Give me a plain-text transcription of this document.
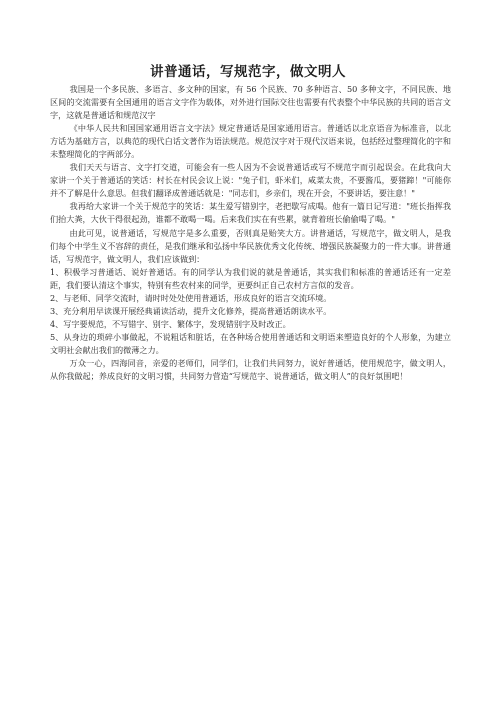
讲普通话，写规范字，做文明人

我国是一个多民族、多语言、多文种的国家，有 56 个民族、70 多种语言、50 多种文字，不同民族、地区间的交流需要有全国通用的语言文字作为载体，对外进行国际交往也需要有代表整个中华民族的共同的语言文字，这就是普通话和规范汉字

《中华人民共和国国家通用语言文字法》规定普通话是国家通用语言。普通话以北京语音为标准音，以北方话为基础方言，以典范的现代白话文著作为语法规范。规范汉字对于现代汉语来说，包括经过整理简化的字和未整理简化的字两部分。

我们天天与语言、文字打交道，可能会有一些人因为不会说普通话或写不规范字而引起误会。在此我向大家讲一个关于普通话的笑话：村长在村民会议上说："兔子们，虾米们，咸菜太贵，不要酱瓜，要猪蹄！"可能你并不了解是什么意思。但我们翻译成普通话就是："同志们，乡亲们，现在开会，不要讲话，要注意！"

我再给大家讲一个关于规范字的笑话：某生爱写错别字，老把歇写成喝。他有一篇日记写道："班长指挥我们抬大粪，大伙干得很起劲，谁都不敢喝一喝。后来我们实在有些累，就背着班长偷偷喝了喝。"

由此可见，说普通话，写规范字是多么重要，否则真是贻笑大方。讲普通话，写规范字，做文明人，是我们每个中学生义不容辞的责任，是我们继承和弘扬中华民族优秀文化传统、增强民族凝聚力的一件大事。讲普通话，写规范字，做文明人，我们应该做到：

1、积极学习普通话、说好普通话。有的同学认为我们说的就是普通话，其实我们和标准的普通话还有一定差距，我们要认清这个事实，特别有些农村来的同学，更要纠正自己农村方言似的发音。

2、与老师、同学交流时，请时时处处使用普通话，形成良好的语言交流环境。

3、充分利用早读课开展经典诵读活动，提升文化修养，提高普通话朗读水平。

4、写字要规范，不写错字、别字、繁体字，发现错别字及时改正。

5、从身边的琐碎小事做起，不说粗话和脏话，在各种场合使用普通话和文明语来塑造良好的个人形象，为建立文明社会献出我们的微薄之力。

万众一心，四海同音，亲爱的老师们，同学们，让我们共同努力，说好普通话，使用规范字，做文明人，从你我做起；养成良好的文明习惯，共同努力营造“写规范字、说普通话，做文明人”的良好氛围吧！
